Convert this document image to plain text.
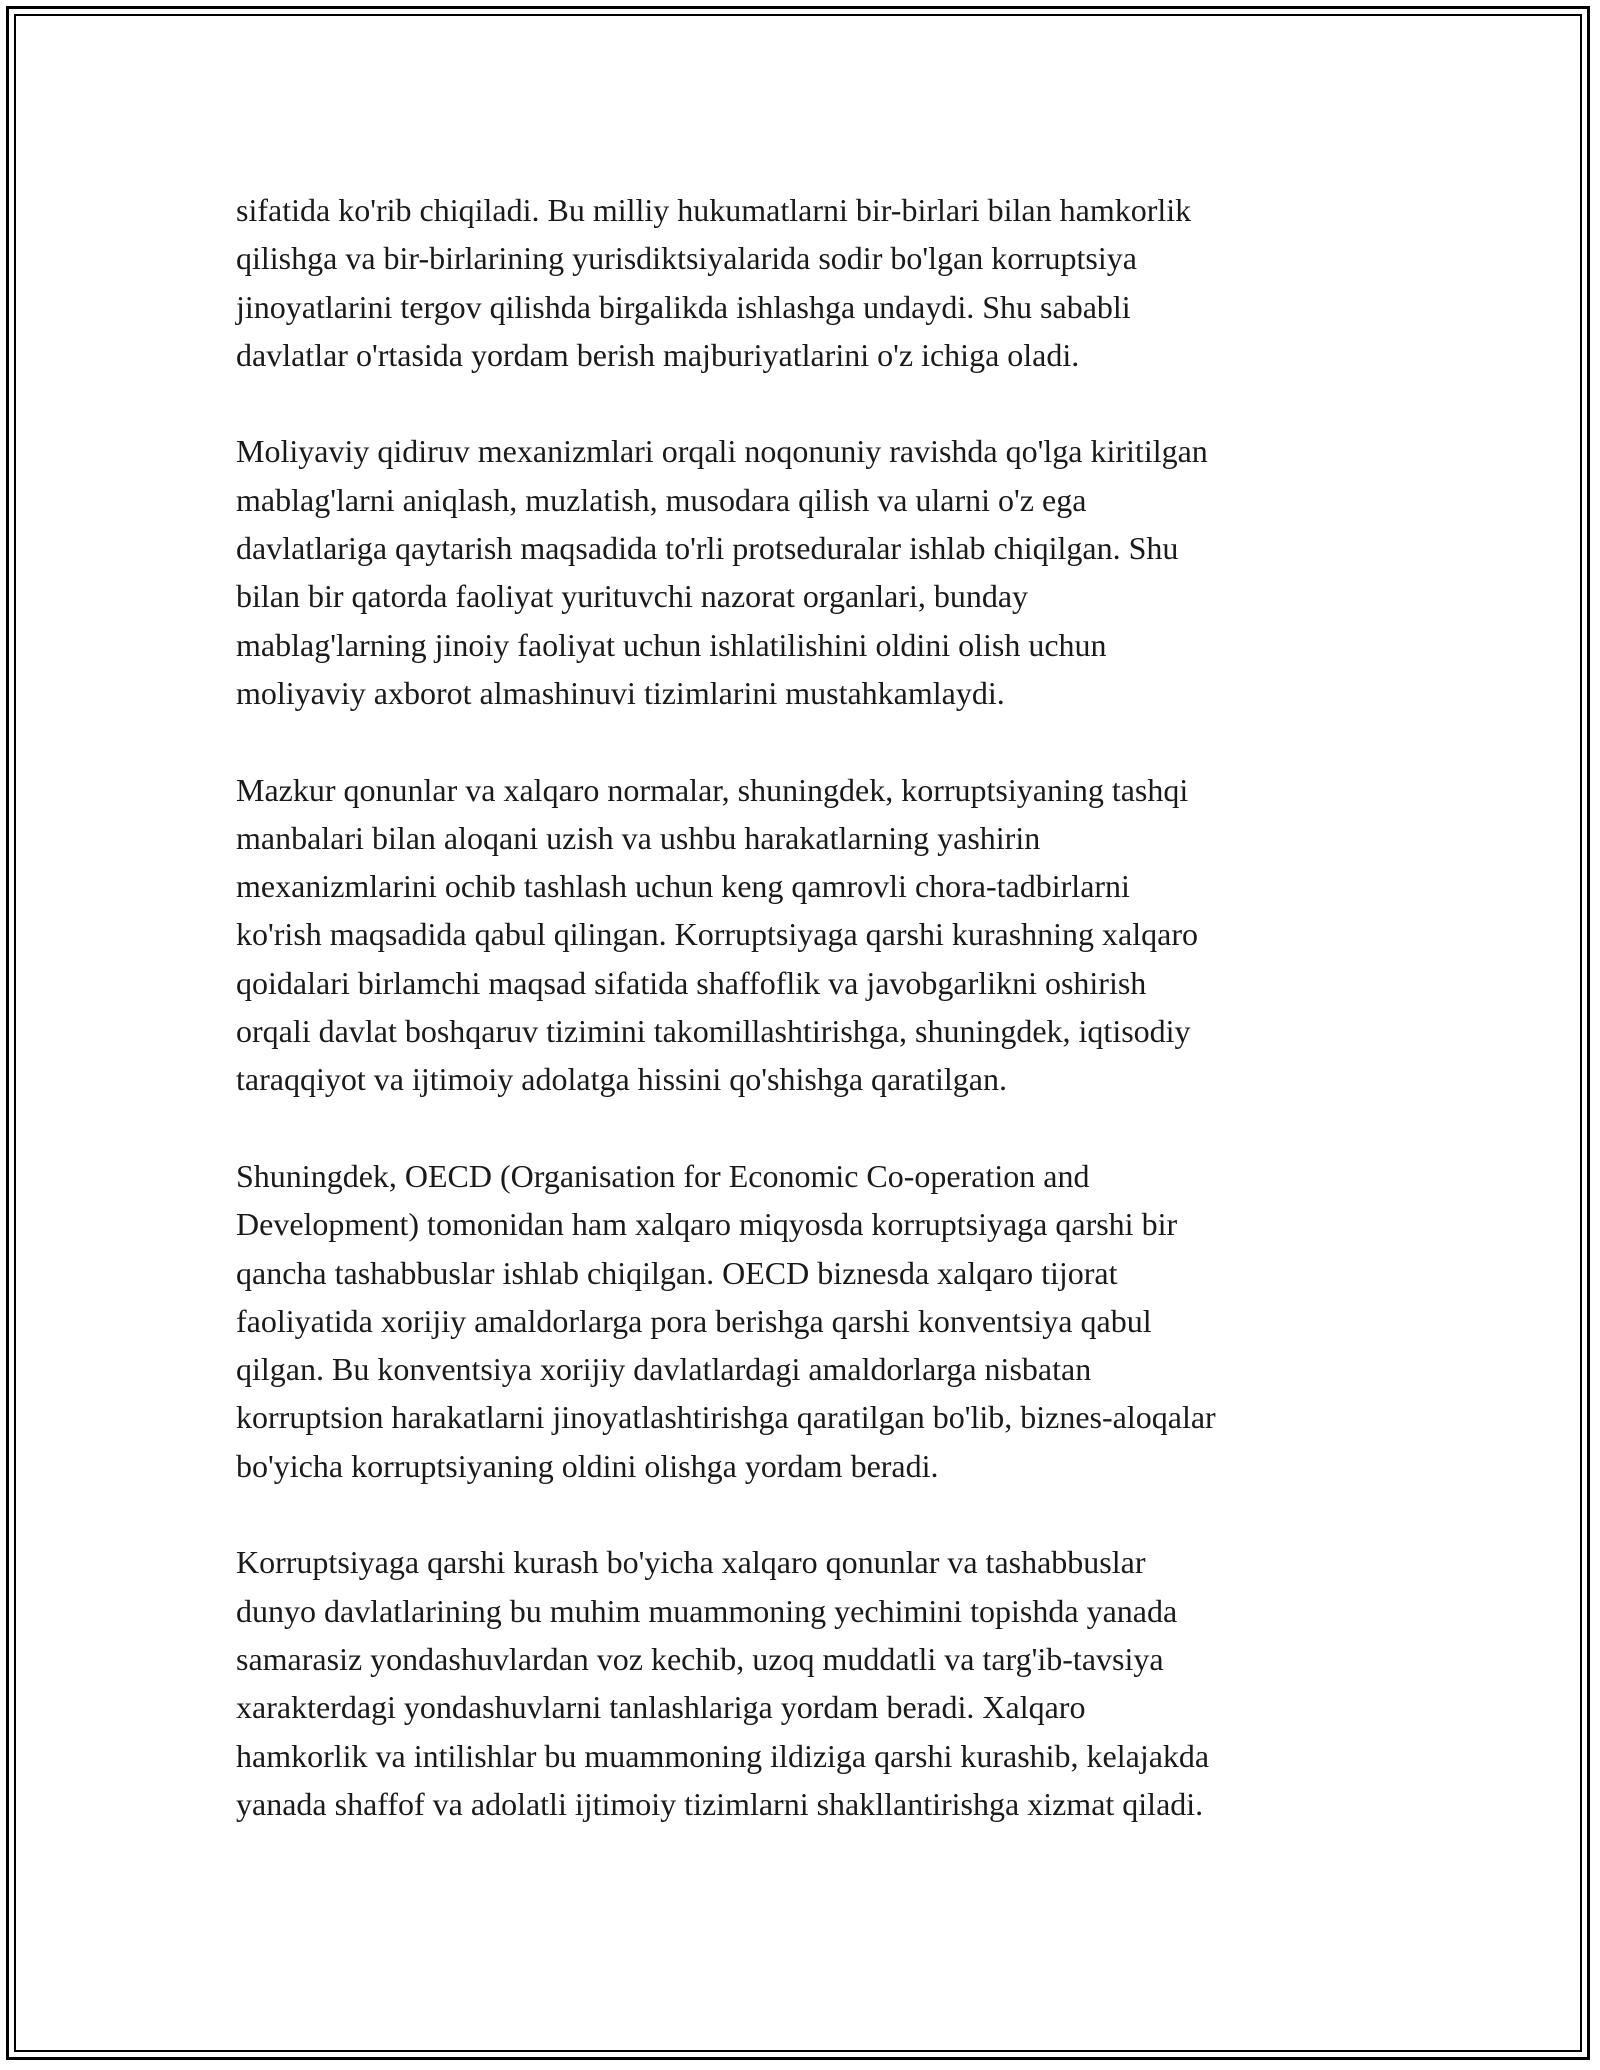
sifatida ko'rib chiqiladi. Bu milliy hukumatlarni bir-birlari bilan hamkorlik
qilishga va bir-birlarining yurisdiktsiyalarida sodir bo'lgan korruptsiya
jinoyatlarini tergov qilishda birgalikda ishlashga undaydi. Shu sababli
davlatlar o'rtasida yordam berish majburiyatlarini o'z ichiga oladi.

Moliyaviy qidiruv mexanizmlari orqali noqonuniy ravishda qo'lga kiritilgan
mablag'larni aniqlash, muzlatish, musodara qilish va ularni o'z ega
davlatlariga qaytarish maqsadida to'rli protseduralar ishlab chiqilgan. Shu
bilan bir qatorda faoliyat yurituvchi nazorat organlari, bunday
mablag'larning jinoiy faoliyat uchun ishlatilishini oldini olish uchun
moliyaviy axborot almashinuvi tizimlarini mustahkamlaydi.

Mazkur qonunlar va xalqaro normalar, shuningdek, korruptsiyaning tashqi
manbalari bilan aloqani uzish va ushbu harakatlarning yashirin
mexanizmlarini ochib tashlash uchun keng qamrovli chora-tadbirlarni
ko'rish maqsadida qabul qilingan. Korruptsiyaga qarshi kurashning xalqaro
qoidalari birlamchi maqsad sifatida shaffoflik va javobgarlikni oshirish
orqali davlat boshqaruv tizimini takomillashtirishga, shuningdek, iqtisodiy
taraqqiyot va ijtimoiy adolatga hissini qo'shishga qaratilgan.

Shuningdek, OECD (Organisation for Economic Co-operation and
Development) tomonidan ham xalqaro miqyosda korruptsiyaga qarshi bir
qancha tashabbuslar ishlab chiqilgan. OECD biznesda xalqaro tijorat
faoliyatida xorijiy amaldorlarga pora berishga qarshi konventsiya qabul
qilgan. Bu konventsiya xorijiy davlatlardagi amaldorlarga nisbatan
korruptsion harakatlarni jinoyatlashtirishga qaratilgan bo'lib, biznes-aloqalar
bo'yicha korruptsiyaning oldini olishga yordam beradi.

Korruptsiyaga qarshi kurash bo'yicha xalqaro qonunlar va tashabbuslar
dunyo davlatlarining bu muhim muammoning yechimini topishda yanada
samarasiz yondashuvlardan voz kechib, uzoq muddatli va targ'ib-tavsiya
xarakterdagi yondashuvlarni tanlashlariga yordam beradi. Xalqaro
hamkorlik va intilishlar bu muammoning ildiziga qarshi kurashib, kelajakda
yanada shaffof va adolatli ijtimoiy tizimlarni shakllantirishga xizmat qiladi.
